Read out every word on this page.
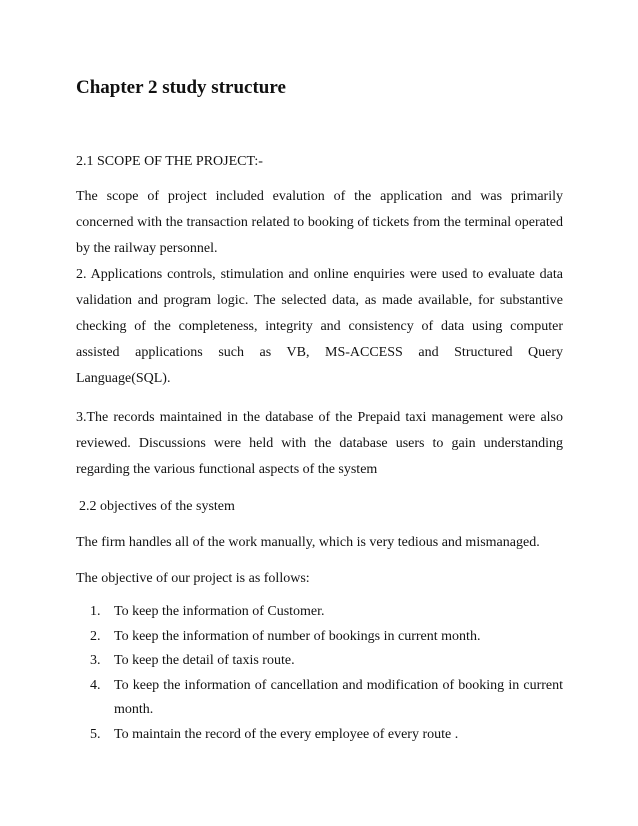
Chapter 2 study structure
2.1 SCOPE OF THE PROJECT:-

The scope of project included evalution of the application and was primarily concerned with the transaction related to booking of tickets from the terminal operated by the railway personnel.

2. Applications controls, stimulation and online enquiries were used to evaluate data validation and program logic. The selected data, as made available, for substantive checking of the completeness, integrity and consistency of data using computer assisted applications such as VB, MS-ACCESS and Structured Query Language(SQL).

3.The records maintained in the database of the Prepaid taxi management were also reviewed. Discussions were held with the database users to gain understanding regarding the various functional aspects of the system

2.2 objectives of the system
The firm handles all of the work manually, which is very tedious and mismanaged.
The objective of our project is as follows:
1. To keep the information of Customer.
2. To keep the information of number of bookings in current month.
3. To keep the detail of taxis route.
4. To keep the information of cancellation and modification of booking in current month.
5. To maintain the record of the every employee of every route .
